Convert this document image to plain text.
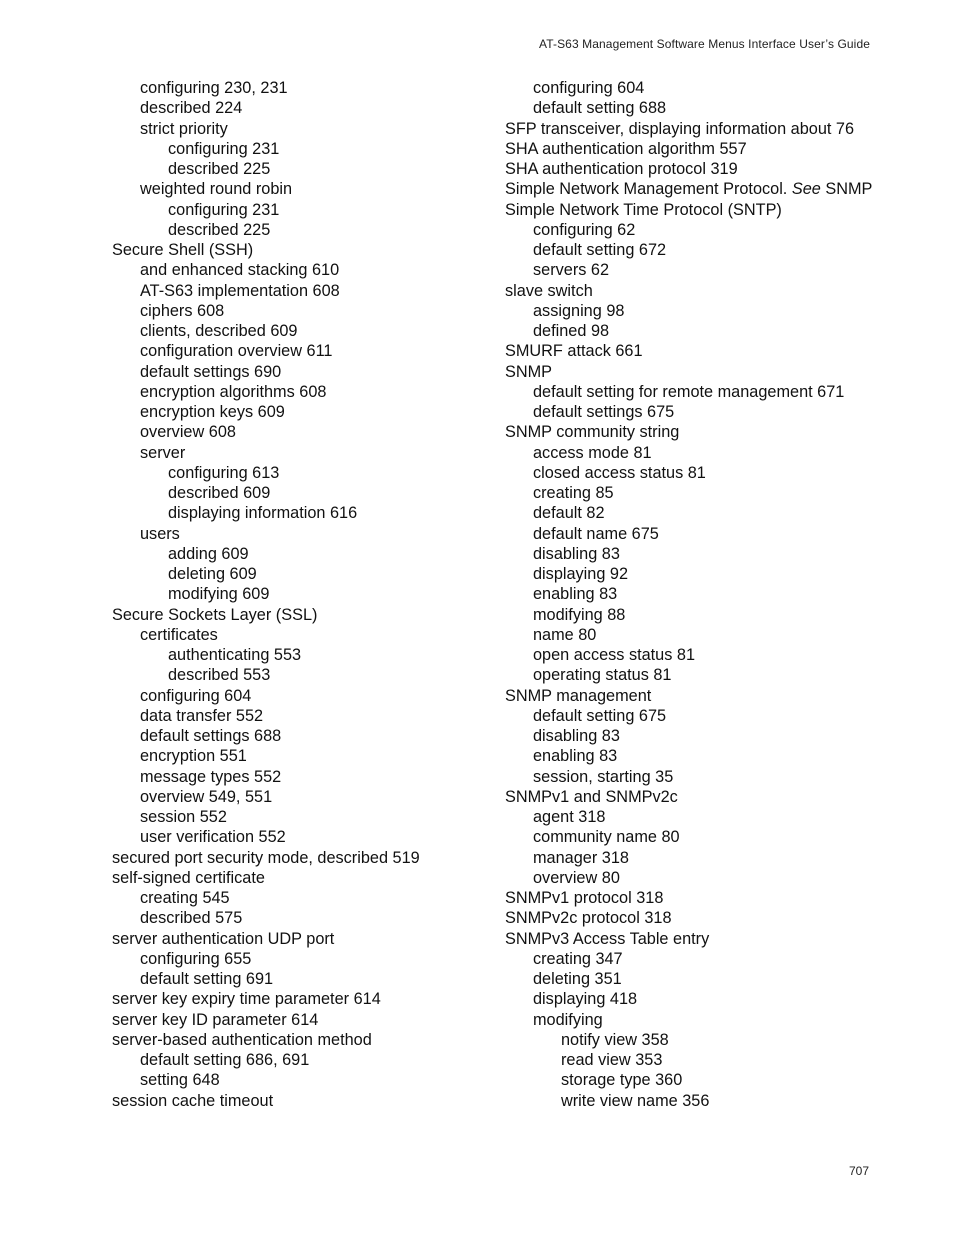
AT-S63 Management Software Menus Interface User’s Guide
configuring 230, 231
described 224
strict priority
configuring 231
described 225
weighted round robin
configuring 231
described 225
Secure Shell (SSH)
and enhanced stacking 610
AT-S63 implementation 608
ciphers 608
clients, described 609
configuration overview 611
default settings 690
encryption algorithms 608
encryption keys 609
overview 608
server
configuring 613
described 609
displaying information 616
users
adding 609
deleting 609
modifying 609
Secure Sockets Layer (SSL)
certificates
authenticating 553
described 553
configuring 604
data transfer 552
default settings 688
encryption 551
message types 552
overview 549, 551
session 552
user verification 552
secured port security mode, described 519
self-signed certificate
creating 545
described 575
server authentication UDP port
configuring 655
default setting 691
server key expiry time parameter 614
server key ID parameter 614
server-based authentication method
default setting 686, 691
setting 648
session cache timeout
configuring 604
default setting 688
SFP transceiver, displaying information about 76
SHA authentication algorithm 557
SHA authentication protocol 319
Simple Network Management Protocol. See SNMP
Simple Network Time Protocol (SNTP)
configuring 62
default setting 672
servers 62
slave switch
assigning 98
defined 98
SMURF attack 661
SNMP
default setting for remote management 671
default settings 675
SNMP community string
access mode 81
closed access status 81
creating 85
default 82
default name 675
disabling 83
displaying 92
enabling 83
modifying 88
name 80
open access status 81
operating status 81
SNMP management
default setting 675
disabling 83
enabling 83
session, starting 35
SNMPv1 and SNMPv2c
agent 318
community name 80
manager 318
overview 80
SNMPv1 protocol 318
SNMPv2c protocol 318
SNMPv3 Access Table entry
creating 347
deleting 351
displaying 418
modifying
notify view 358
read view 353
storage type 360
write view name 356
707
